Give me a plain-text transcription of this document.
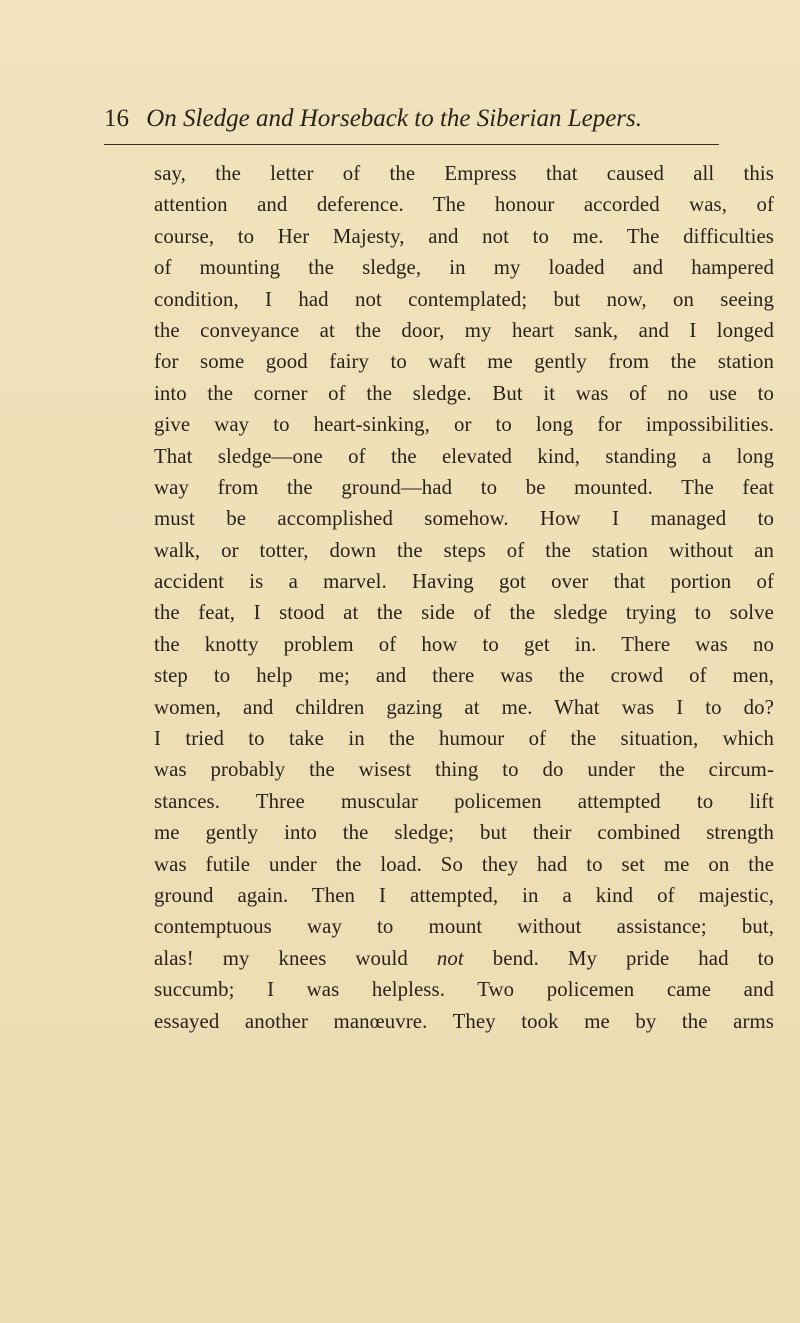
16 On Sledge and Horseback to the Siberian Lepers.
say, the letter of the Empress that caused all this
attention and deference. The honour accorded was, of
course, to Her Majesty, and not to me. The difficulties
of mounting the sledge, in my loaded and hampered
condition, I had not contemplated; but now, on seeing
the conveyance at the door, my heart sank, and I longed
for some good fairy to waft me gently from the station
into the corner of the sledge. But it was of no use to
give way to heart-sinking, or to long for impossibilities.
That sledge—one of the elevated kind, standing a long
way from the ground—had to be mounted. The feat
must be accomplished somehow. How I managed to
walk, or totter, down the steps of the station without an
accident is a marvel. Having got over that portion of
the feat, I stood at the side of the sledge trying to solve
the knotty problem of how to get in. There was no
step to help me; and there was the crowd of men,
women, and children gazing at me. What was I to do?
I tried to take in the humour of the situation, which
was probably the wisest thing to do under the circum-
stances. Three muscular policemen attempted to lift
me gently into the sledge; but their combined strength
was futile under the load. So they had to set me on the
ground again. Then I attempted, in a kind of majestic,
contemptuous way to mount without assistance; but,
alas! my knees would not bend. My pride had to
succumb; I was helpless. Two policemen came and
essayed another manœuvre. They took me by the arms
